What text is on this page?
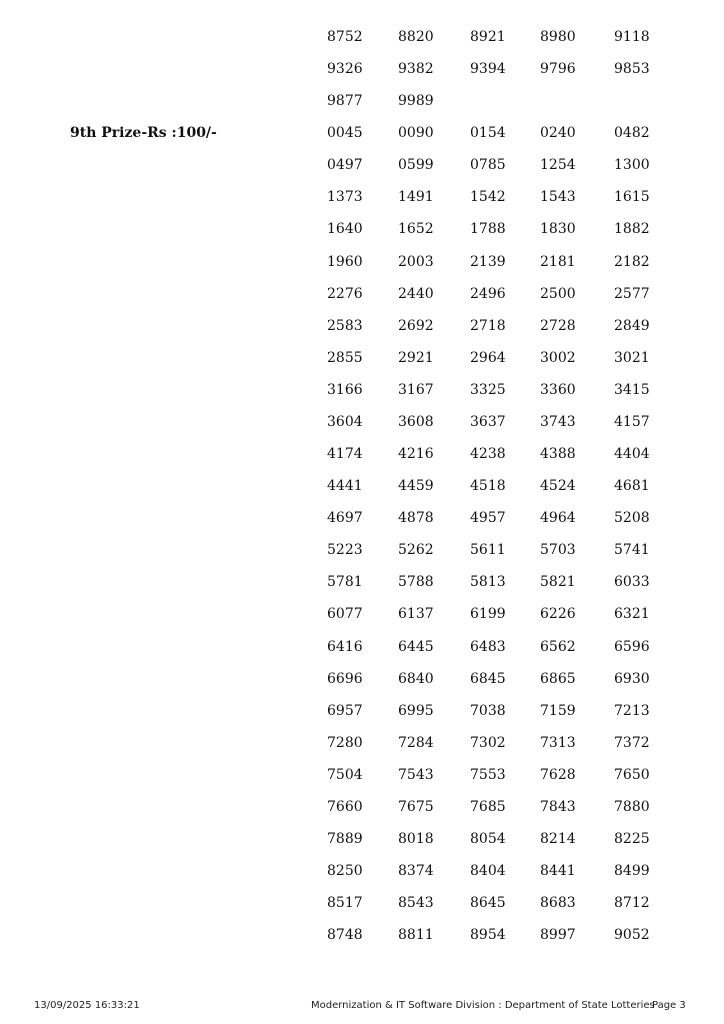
9th Prize-Rs :100/-
8752	8820	8921 8980	9118
9326	9382	9394 9796	9853
9877	9989
0045	0090	0154 0240	0482
0497	0599	0785 1254	1300
1373	1491	1542 1543	1615
1640	1652	1788 1830	1882
1960	2003	2139 2181	2182
2276	2440	2496 2500	2577
2583	2692	2718 2728	2849
2855	2921	2964 3002	3021
3166	3167	3325 3360	3415
3604	3608	3637 3743	4157
4174	4216	4238 4388	4404
4441	4459	4518 4524	4681
4697	4878	4957 4964	5208
5223	5262	5611 5703	5741
5781	5788	5813 5821	6033
6077	6137	6199 6226	6321
6416	6445	6483 6562	6596
6696	6840	6845 6865	6930
6957	6995	7038 7159	7213
7280	7284	7302 7313	7372
7504	7543	7553 7628	7650
7660	7675	7685 7843	7880
7889	8018	8054 8214	8225
8250	8374	8404 8441	8499
8517	8543	8645 8683	8712
8748	8811	8954 8997	9052
13/09/2025 16:33:21	Modernization & IT Software Division : Department of State Lotteries
Page 3
